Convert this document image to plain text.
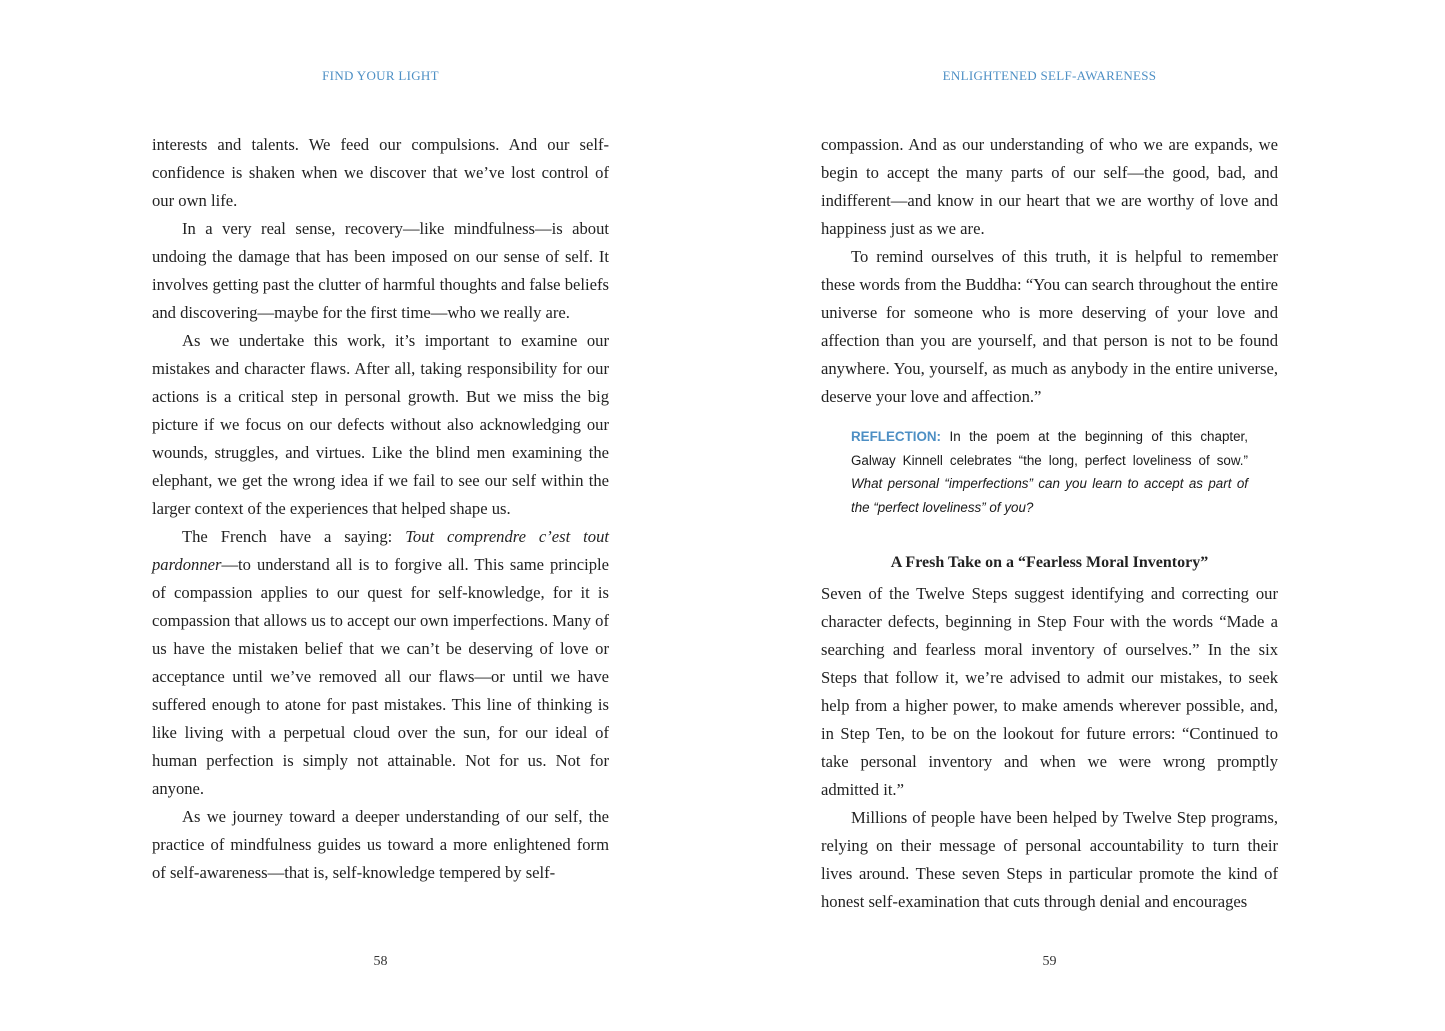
FIND YOUR LIGHT

interests and talents. We feed our compulsions. And our self-confidence is shaken when we discover that we’ve lost control of our own life.

In a very real sense, recovery—like mindfulness—is about undoing the damage that has been imposed on our sense of self. It involves getting past the clutter of harmful thoughts and false beliefs and discovering—maybe for the first time—who we really are.

As we undertake this work, it’s important to examine our mistakes and character flaws. After all, taking responsibility for our actions is a critical step in personal growth. But we miss the big picture if we focus on our defects without also acknowledging our wounds, struggles, and virtues. Like the blind men examining the elephant, we get the wrong idea if we fail to see our self within the larger context of the experiences that helped shape us.

The French have a saying: Tout comprendre c’est tout pardonner—to understand all is to forgive all. This same principle of compassion applies to our quest for self-knowledge, for it is compassion that allows us to accept our own imperfections. Many of us have the mistaken belief that we can’t be deserving of love or acceptance until we’ve removed all our flaws—or until we have suffered enough to atone for past mistakes. This line of thinking is like living with a perpetual cloud over the sun, for our ideal of human perfection is simply not attainable. Not for us. Not for anyone.

As we journey toward a deeper understanding of our self, the practice of mindfulness guides us toward a more enlightened form of self-awareness—that is, self-knowledge tempered by self-

58
ENLIGHTENED SELF-AWARENESS

compassion. And as our understanding of who we are expands, we begin to accept the many parts of our self—the good, bad, and indifferent—and know in our heart that we are worthy of love and happiness just as we are.

To remind ourselves of this truth, it is helpful to remember these words from the Buddha: “You can search throughout the entire universe for someone who is more deserving of your love and affection than you are yourself, and that person is not to be found anywhere. You, yourself, as much as anybody in the entire universe, deserve your love and affection.”

REFLECTION: In the poem at the beginning of this chapter, Galway Kinnell celebrates “the long, perfect loveliness of sow.” What personal “imperfections” can you learn to accept as part of the “perfect loveliness” of you?
A Fresh Take on a “Fearless Moral Inventory”

Seven of the Twelve Steps suggest identifying and correcting our character defects, beginning in Step Four with the words “Made a searching and fearless moral inventory of ourselves.” In the six Steps that follow it, we’re advised to admit our mistakes, to seek help from a higher power, to make amends wherever possible, and, in Step Ten, to be on the lookout for future errors: “Continued to take personal inventory and when we were wrong promptly admitted it.”

Millions of people have been helped by Twelve Step programs, relying on their message of personal accountability to turn their lives around. These seven Steps in particular promote the kind of honest self-examination that cuts through denial and encourages

59
